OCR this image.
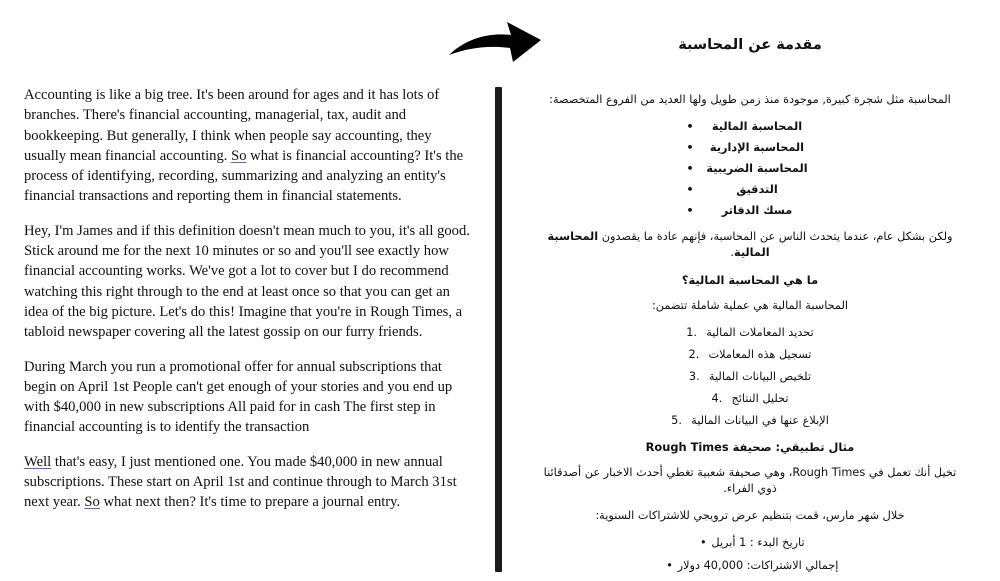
Accounting is like a big tree. It's been around for ages and it has lots of branches. There's financial accounting, managerial, tax, audit and bookkeeping. But generally, I think when people say accounting, they usually mean financial accounting. So what is financial accounting? It's the process of identifying, recording, summarizing and analyzing an entity's financial transactions and reporting them in financial statements.

Hey, I'm James and if this definition doesn't mean much to you, it's all good. Stick around me for the next 10 minutes or so and you'll see exactly how financial accounting works. We've got a lot to cover but I do recommend watching this right through to the end at least once so that you can get an idea of the big picture. Let's do this! Imagine that you're in Rough Times, a tabloid newspaper covering all the latest gossip on our furry friends.

During March you run a promotional offer for annual subscriptions that begin on April 1st People can't get enough of your stories and you end up with $40,000 in new subscriptions All paid for in cash The first step in financial accounting is to identify the transaction

Well that's easy, I just mentioned one. You made $40,000 in new annual subscriptions. These start on April 1st and continue through to March 31st next year. So what next then? It's time to prepare a journal entry.

مقدمة عن المحاسبة

المحاسبة مثل شجرة كبيرة, موجودة منذ زمن طويل ولها العديد من الفروع المتخصصة:

المحاسبة المالية•
المحاسبة الإدارية•
المحاسبة الضريبية•
التدقيق•
مسك الدفاتر•

ولكن بشكل عام، عندما يتحدث الناس عن المحاسبة، فإنهم عادة ما يقصدون المحاسبة المالية.

ما هي المحاسبة المالية؟

المحاسبة المالية هي عملية شاملة تتضمن:

تحديد المعاملات المالية1.
تسجيل هذه المعاملات2.
تلخيص البيانات المالية3.
تحليل النتائج4.
الإبلاغ عنها في البيانات المالية5.

مثال تطبيقي: صحيفة Rough Times

تخيل أنك تعمل في Rough Times، وهي صحيفة شعبية تغطي أحدث الاخبار عن أصدقائنا ذوي الفراء.

خلال شهر مارس، قمت بتنظيم عرض ترويجي للاشتراكات السنوية:

تاريخ البدء : 1 أبريل•
إجمالي الاشتراكات: 40,000 دولار•
